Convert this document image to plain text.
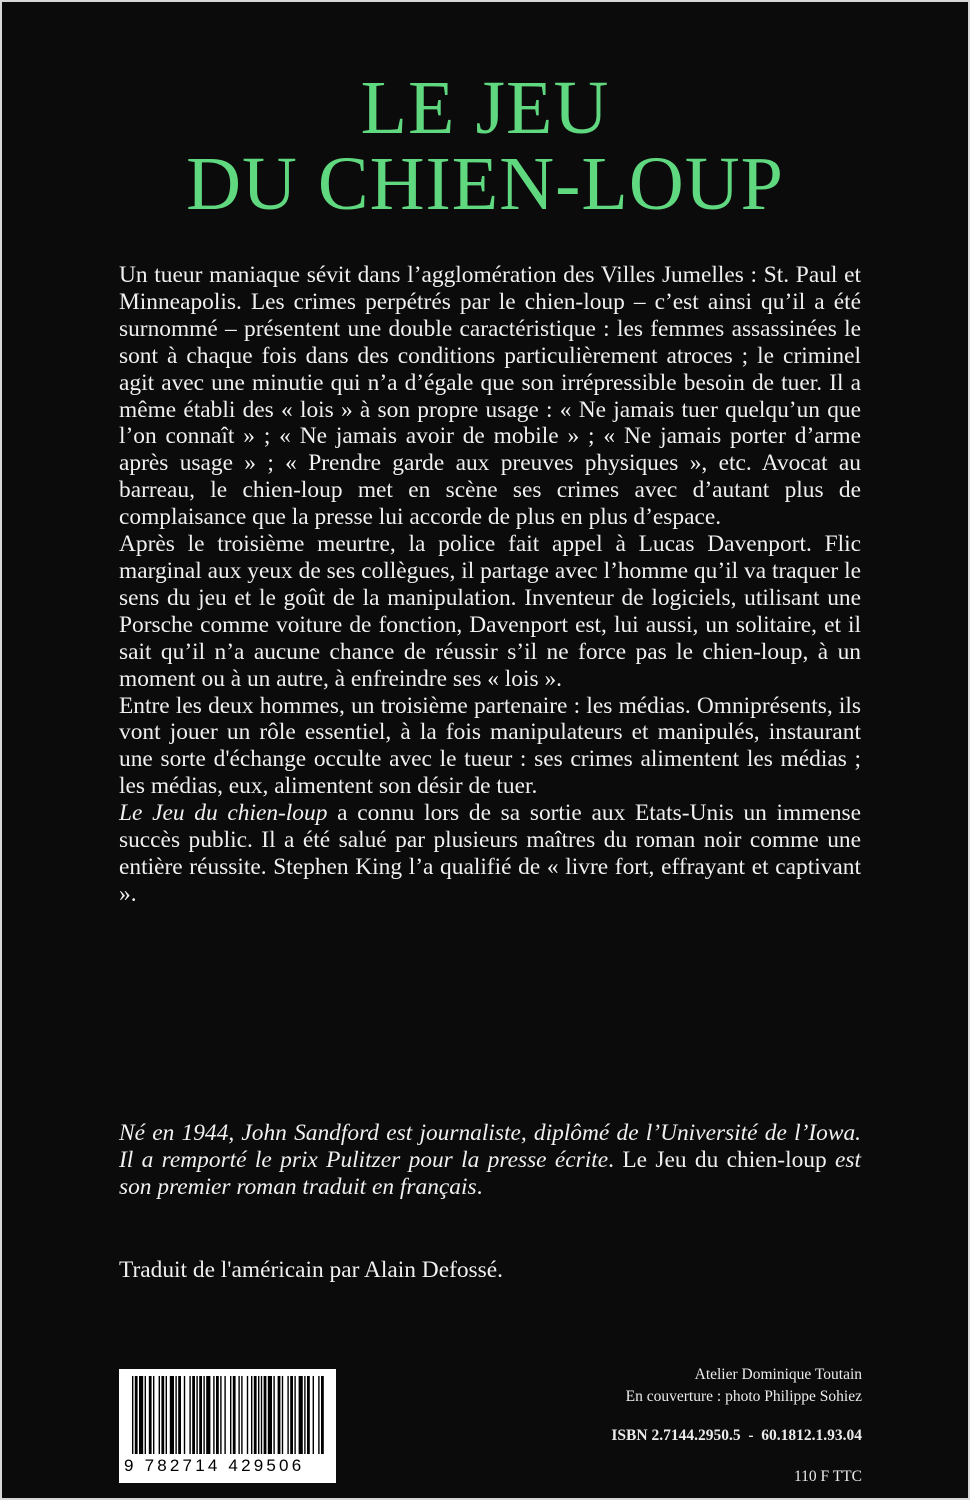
LE JEU
DU CHIEN-LOUP

Un tueur maniaque sévit dans l’agglomération des Villes Jumelles : St. Paul et Minneapolis. Les crimes perpétrés par le chien-loup – c’est ainsi qu’il a été surnommé – présentent une double caractéristique : les femmes assassinées le sont à chaque fois dans des conditions particulièrement atroces ; le criminel agit avec une minutie qui n’a d’égale que son irrépressible besoin de tuer. Il a même établi des « lois » à son propre usage : « Ne jamais tuer quelqu’un que l’on connaît » ; « Ne jamais avoir de mobile » ; « Ne jamais porter d’arme après usage » ; « Prendre garde aux preuves physiques », etc. Avocat au barreau, le chien-loup met en scène ses crimes avec d’autant plus de complaisance que la presse lui accorde de plus en plus d’espace.

Après le troisième meurtre, la police fait appel à Lucas Davenport. Flic marginal aux yeux de ses collègues, il partage avec l’homme qu’il va traquer le sens du jeu et le goût de la manipulation. Inventeur de logiciels, utilisant une Porsche comme voiture de fonction, Davenport est, lui aussi, un solitaire, et il sait qu’il n’a aucune chance de réussir s’il ne force pas le chien-loup, à un moment ou à un autre, à enfreindre ses « lois ».

Entre les deux hommes, un troisième partenaire : les médias. Omniprésents, ils vont jouer un rôle essentiel, à la fois manipulateurs et manipulés, instaurant une sorte d'échange occulte avec le tueur : ses crimes alimentent les médias ; les médias, eux, alimentent son désir de tuer.

Le Jeu du chien-loup a connu lors de sa sortie aux Etats-Unis un immense succès public. Il a été salué par plusieurs maîtres du roman noir comme une entière réussite. Stephen King l’a qualifié de « livre fort, effrayant et captivant ».

Né en 1944, John Sandford est journaliste, diplômé de l’Université de l’Iowa. Il a remporté le prix Pulitzer pour la presse écrite. Le Jeu du chien-loup est son premier roman traduit en français.

Traduit de l'américain par Alain Defossé.
9 782714 429506
Atelier Dominique Toutain
En couverture : photo Philippe Sohiez
ISBN 2.7144.2950.5  -  60.1812.1.93.04
110 F TTC
